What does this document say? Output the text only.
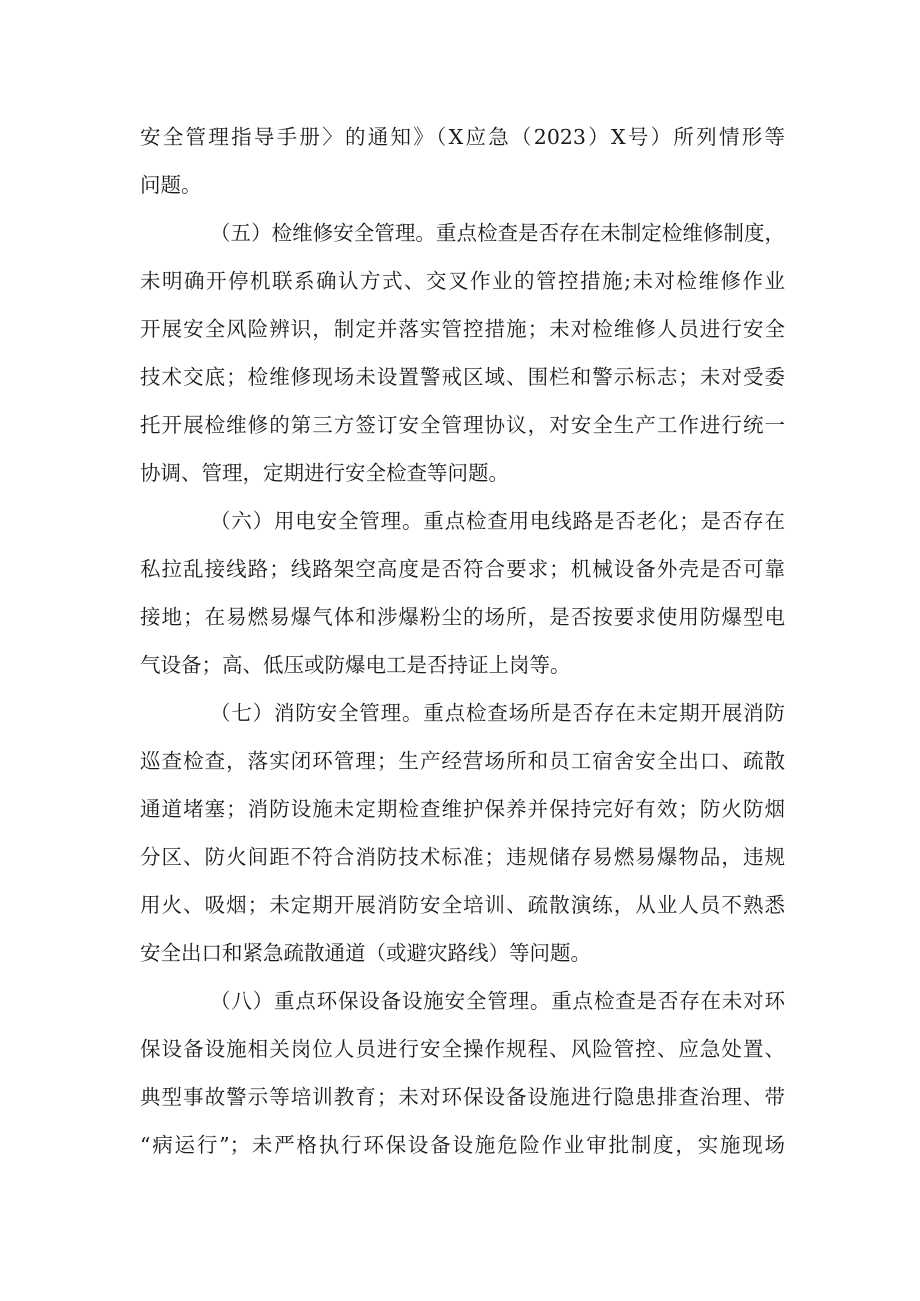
安全管理指导手册〉的通知》（X应急（2023）X号）所列情形等
问题。
（五）检维修安全管理。重点检查是否存在未制定检维修制度，
未明确开停机联系确认方式、交叉作业的管控措施;未对检维修作业
开展安全风险辨识，制定并落实管控措施；未对检维修人员进行安全
技术交底；检维修现场未设置警戒区域、围栏和警示标志；未对受委
托开展检维修的第三方签订安全管理协议，对安全生产工作进行统一
协调、管理，定期进行安全检查等问题。
（六）用电安全管理。重点检查用电线路是否老化；是否存在
私拉乱接线路；线路架空高度是否符合要求；机械设备外壳是否可靠
接地；在易燃易爆气体和涉爆粉尘的场所，是否按要求使用防爆型电
气设备；高、低压或防爆电工是否持证上岗等。
（七）消防安全管理。重点检查场所是否存在未定期开展消防
巡查检查，落实闭环管理；生产经营场所和员工宿舍安全出口、疏散
通道堵塞；消防设施未定期检查维护保养并保持完好有效；防火防烟
分区、防火间距不符合消防技术标准；违规储存易燃易爆物品，违规
用火、吸烟；未定期开展消防安全培训、疏散演练，从业人员不熟悉
安全出口和紧急疏散通道（或避灾路线）等问题。
（八）重点环保设备设施安全管理。重点检查是否存在未对环
保设备设施相关岗位人员进行安全操作规程、风险管控、应急处置、
典型事故警示等培训教育；未对环保设备设施进行隐患排查治理、带
“病运行”；未严格执行环保设备设施危险作业审批制度，实施现场
